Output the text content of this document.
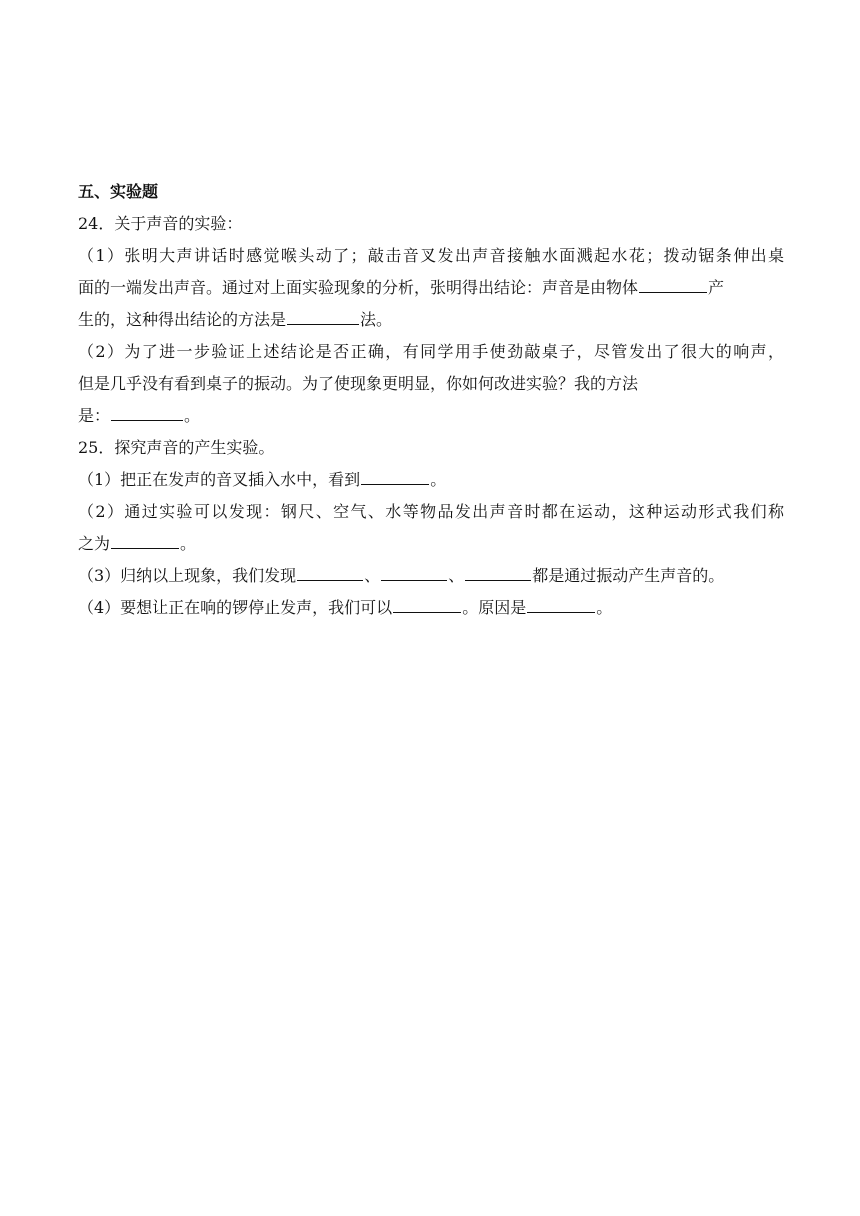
五、实验题
24．关于声音的实验：
（1）张明大声讲话时感觉喉头动了；敲击音叉发出声音接触水面溅起水花；拨动锯条伸出桌
面的一端发出声音。通过对上面实验现象的分析，张明得出结论：声音是由物体	产
生的，这种得出结论的方法是	法。
（2）为了进一步验证上述结论是否正确，有同学用手使劲敲桌子，尽管发出了很大的响声，
但是几乎没有看到桌子的振动。为了使现象更明显，你如何改进实验？我的方法
是：	。
25．探究声音的产生实验。
（1）把正在发声的音叉插入水中，看到	。
（2）通过实验可以发现：钢尺、空气、水等物品发出声音时都在运动，这种运动形式我们称
之为	。
（3）归纳以上现象，我们发现	、	、	都是通过振动产生声音的。
（4）要想让正在响的锣停止发声，我们可以	。原因是	。
